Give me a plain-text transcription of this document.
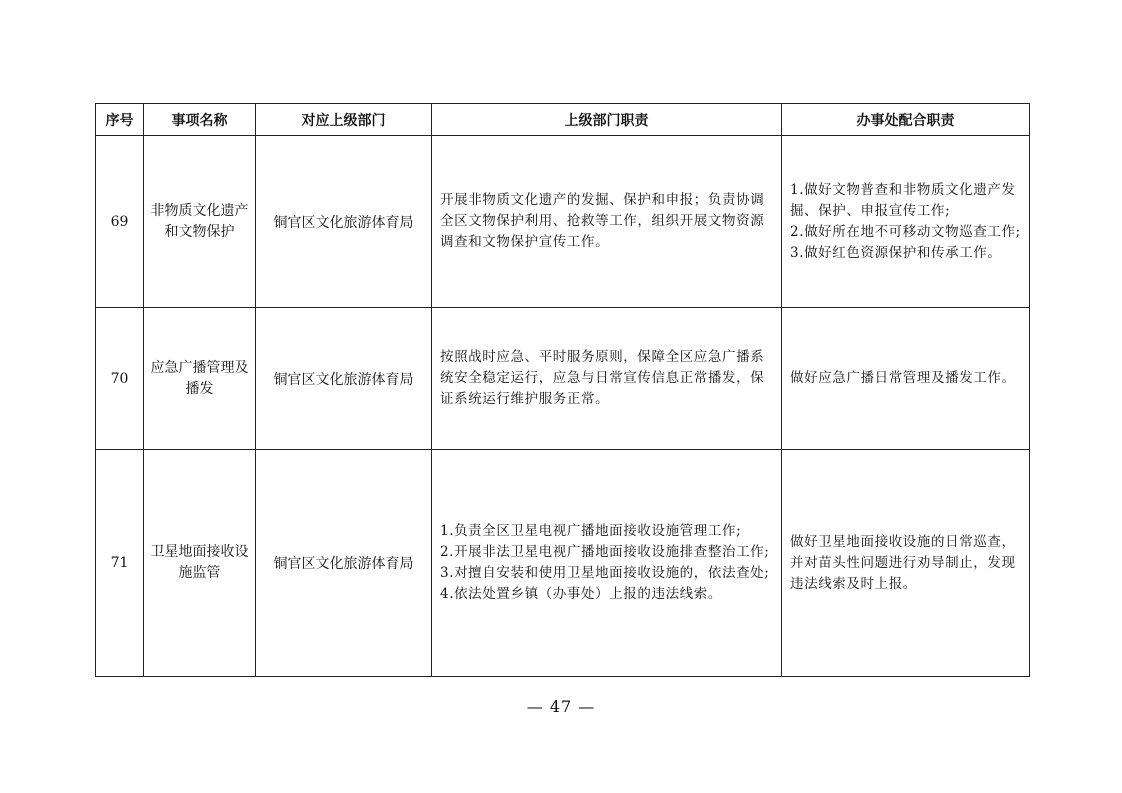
序号	事项名称	对应上级部门	上级部门职责	办事处配合职责
69	非物质文化遗产和文物保护	铜官区文化旅游体育局	开展非物质文化遗产的发掘、保护和申报；负责协调全区文物保护利用、抢救等工作，组织开展文物资源调查和文物保护宣传工作。	1.做好文物普查和非物质文化遗产发掘、保护、申报宣传工作;
2.做好所在地不可移动文物巡查工作;
3.做好红色资源保护和传承工作。

70	应急广播管理及播发	铜官区文化旅游体育局	按照战时应急、平时服务原则，保障全区应急广播系统安全稳定运行，应急与日常宣传信息正常播发，保证系统运行维护服务正常。	做好应急广播日常管理及播发工作。

71	卫星地面接收设施监管	铜官区文化旅游体育局	1.负责全区卫星电视广播地面接收设施管理工作;
2.开展非法卫星电视广播地面接收设施排查整治工作;
3.对擅自安装和使用卫星地面接收设施的，依法查处;
4.依法处置乡镇（办事处）上报的违法线索。	做好卫星地面接收设施的日常巡查，并对苗头性问题进行劝导制止，发现违法线索及时上报。
— 47 —
